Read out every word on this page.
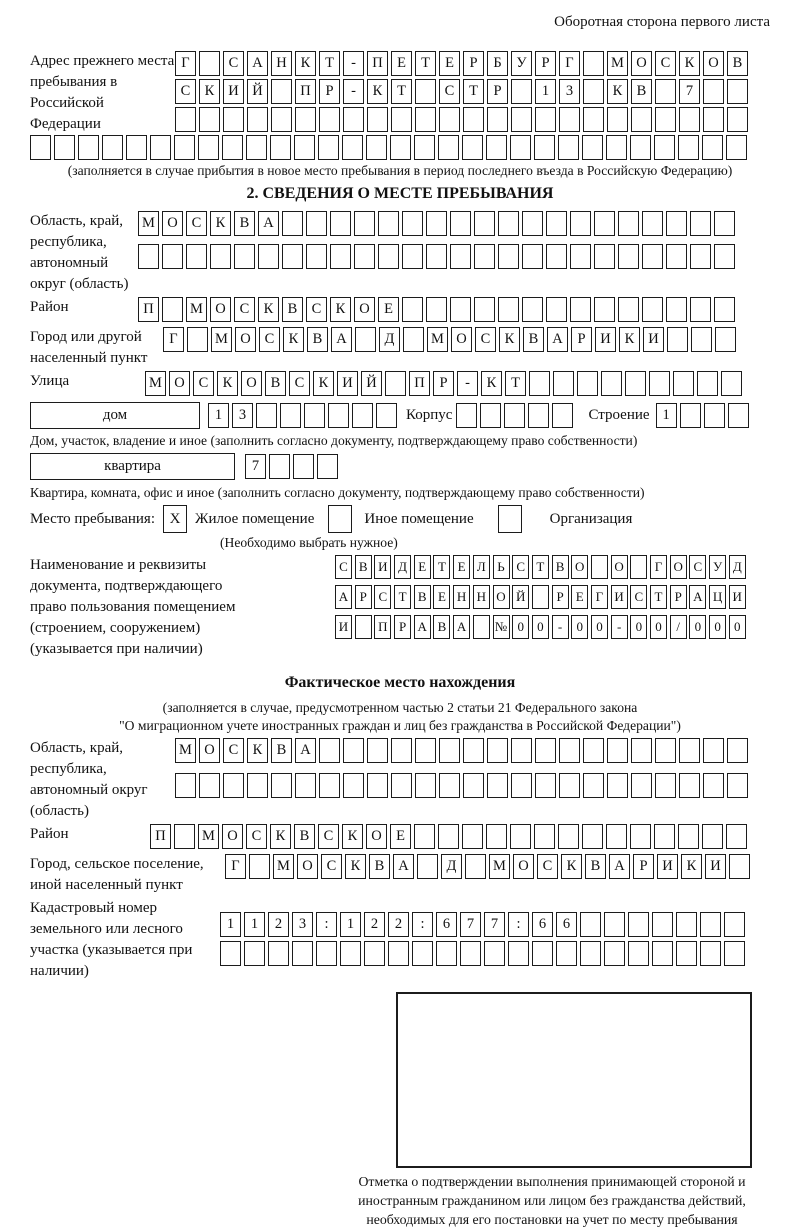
Оборотная сторона первого листа
Адрес прежнего места пребывания в Российской Федерации
Г	С А Н К	Т	-	П Е	Т	Е	Р	Б	У	Р	Г	М О С К О В
С К И Й	П	Р	-	К	Т	С	Т	Р	1	3	К В	7
(заполняется в случае прибытия в новое место пребывания в период последнего въезда в Российскую Федерацию)
2. СВЕДЕНИЯ О МЕСТЕ ПРЕБЫВАНИЯ
Область, край, республика, автономный округ (область)
М О С К В А
Район	П	М О С К В С К О Е
Город или другой населенный пункт
Г	М О С К В А	Д	М О С К В А	Р	И К И
Улица	М О С К О В С К И Й	П	Р	-	К	Т
дом	1	3	Корпус	Строение 1
Дом, участок, владение и иное (заполнить согласно документу, подтверждающему право собственности)
квартира	7
Квартира, комната, офис и иное (заполнить согласно документу, подтверждающему право собственности)
Место пребывания: X Жилое помещение	Иное помещение	Организация
(Необходимо выбрать нужное)
Наименование и реквизиты документа, подтверждающего право пользования помещением (строением, сооружением) (указывается при наличии)
С В И Д Е Т Е Л Ь С Т В О О	Г О С У Д
А Р С Т В Е Н Н О Й	Р Е Г И С Т Р А Ц И
И П Р А В А № 0	0	-	0	0	-	0	0	/	0	0	0
Фактическое место нахождения
(заполняется в случае, предусмотренном частью 2 статьи 21 Федерального закона
"О миграционном учете иностранных граждан и лиц без гражданства в Российской Федерации")
Область, край, республика, автономный округ (область)
М О С К В А
Район	П	М О С К В С К О Е
Город, сельское поселение, иной населенный пункт
Г	М О С К В А	Д	М О С К В А	Р	И К И
Кадастровый номер земельного или лесного участка (указывается при наличии)
1	1	2	3	:	1	2	2	:	6	7	7	:	6	6
Отметка о подтверждении выполнения принимающей стороной и иностранным гражданином или лицом без гражданства действий, необходимых для его постановки на учет по месту пребывания
